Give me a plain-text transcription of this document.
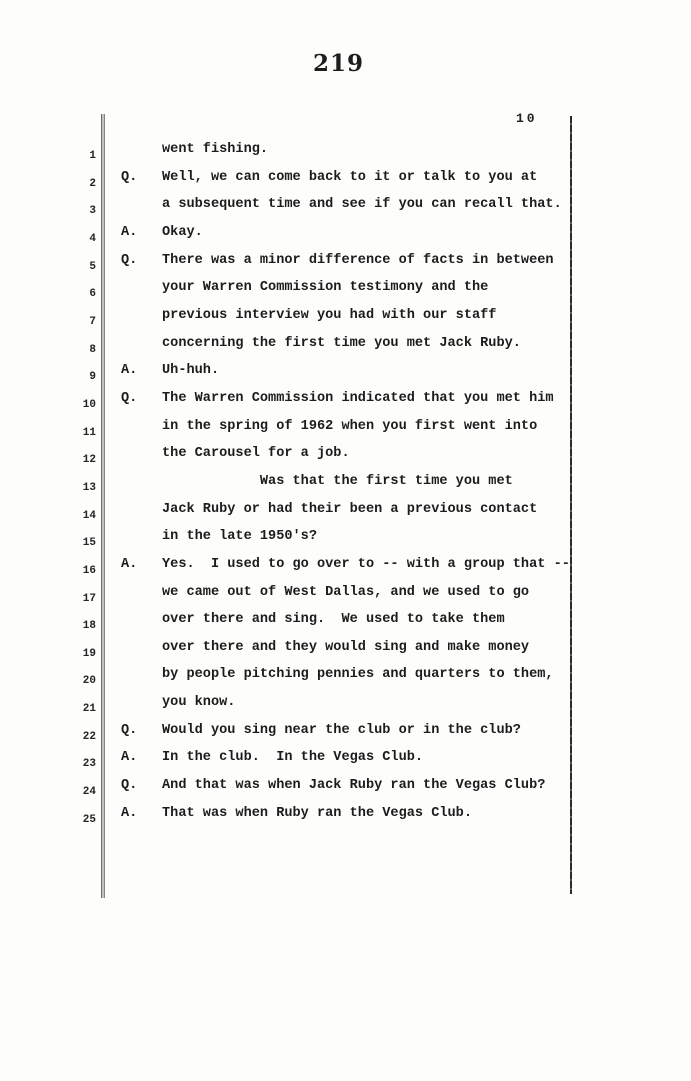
219
10
1	went fishing.
2 Q. Well, we can come back to it or talk to you at
3	a subsequent time and see if you can recall that.
4 A. Okay.
5 Q. There was a minor difference of facts in between
6	your Warren Commission testimony and the
7	previous interview you had with our staff
8	concerning the first time you met Jack Ruby.
9 A. Uh-huh.
10 Q. The Warren Commission indicated that you met him
11	in the spring of 1962 when you first went into
12	the Carousel for a job.
13	Was that the first time you met
14	Jack Ruby or had their been a previous contact
15	in the late 1950's?
16 A. Yes.  I used to go over to -- with a group that --
17	we came out of West Dallas, and we used to go
18	over there and sing.  We used to take them
19	over there and they would sing and make money
20	by people pitching pennies and quarters to them,
21	you know.
22 Q. Would you sing near the club or in the club?
23 A. In the club.  In the Vegas Club.
24 Q. And that was when Jack Ruby ran the Vegas Club?
25 A. That was when Ruby ran the Vegas Club.
